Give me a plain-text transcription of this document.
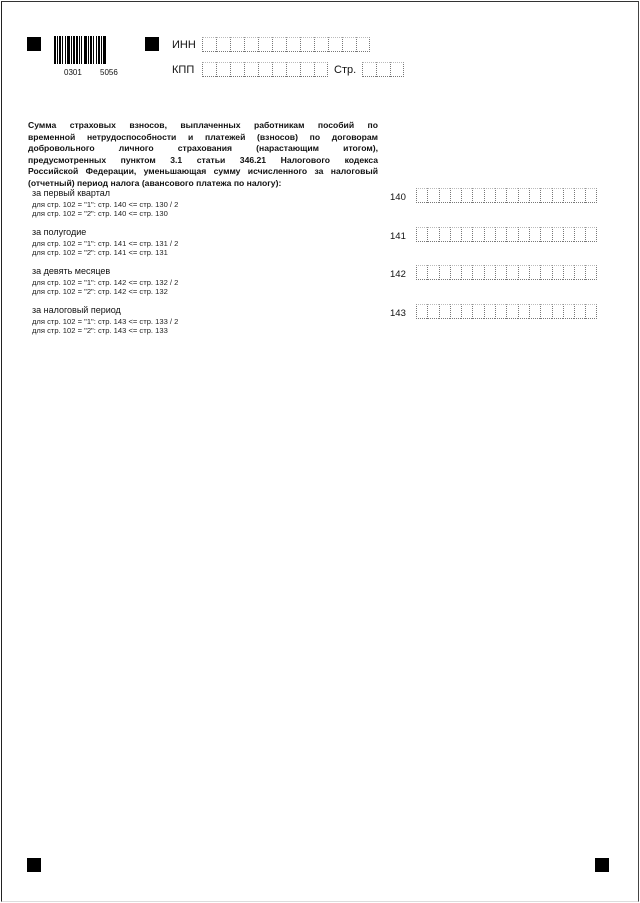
0301 5056
ИНН
КПП	Стр.

Сумма страховых взносов, выплаченных работникам пособий по

временной нетрудоспособности и платежей (взносов) по договорам

добровольного личного страхования (нарастающим итогом),

предусмотренных пунктом 3.1 статьи 346.21 Налогового кодекса

Российской Федерации, уменьшающая сумму исчисленного за налоговый

(отчетный) период налога (авансового платежа по налогу):

за первый квартал
для стр. 102 = "1": стр. 140 <= стр. 130 / 2
для стр. 102 = "2": стр. 140 <= стр. 130
140
за полугодие
для стр. 102 = "1": стр. 141 <= стр. 131 / 2
для стр. 102 = "2": стр. 141 <= стр. 131
141
за девять месяцев
для стр. 102 = "1": стр. 142 <= стр. 132 / 2
для стр. 102 = "2": стр. 142 <= стр. 132
142
за налоговый период
для стр. 102 = "1": стр. 143 <= стр. 133 / 2
для стр. 102 = "2": стр. 143 <= стр. 133
143
